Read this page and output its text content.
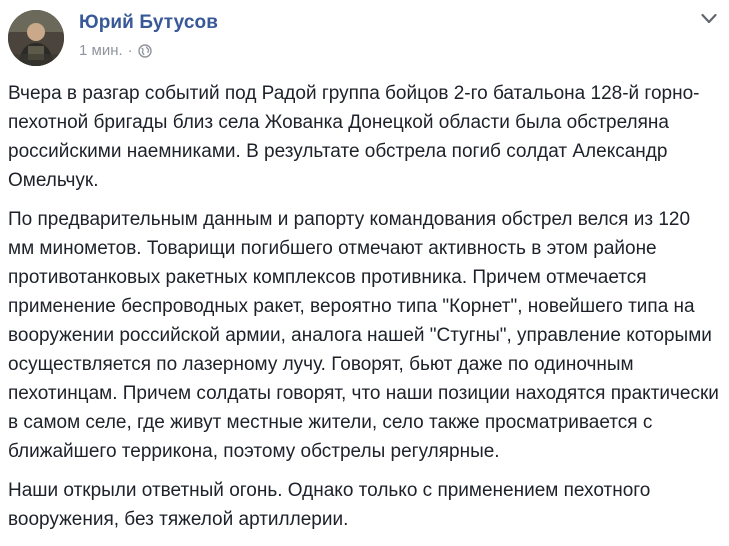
Юрий Бутусов
1 мин. ·

Вчера в разгар событий под Радой группа бойцов 2-го батальона 128-й горно-пехотной бригады близ села Жованка Донецкой области была обстреляна российскими наемниками. В результате обстрела погиб солдат Александр Омельчук.

По предварительным данным и рапорту командования обстрел велся из 120 мм минометов. Товарищи погибшего отмечают активность в этом районе противотанковых ракетных комплексов противника. Причем отмечается применение беспроводных ракет, вероятно типа "Корнет", новейшего типа на вооружении российской армии, аналога нашей "Стугны", управление которыми осуществляется по лазерному лучу. Говорят, бьют даже по одиночным пехотинцам. Причем солдаты говорят, что наши позиции находятся практически в самом селе, где живут местные жители, село также просматривается с ближайшего терриконa, поэтому обстрелы регулярные.

Наши открыли ответный огонь. Однако только с применением пехотного вооружения, без тяжелой артиллерии.
